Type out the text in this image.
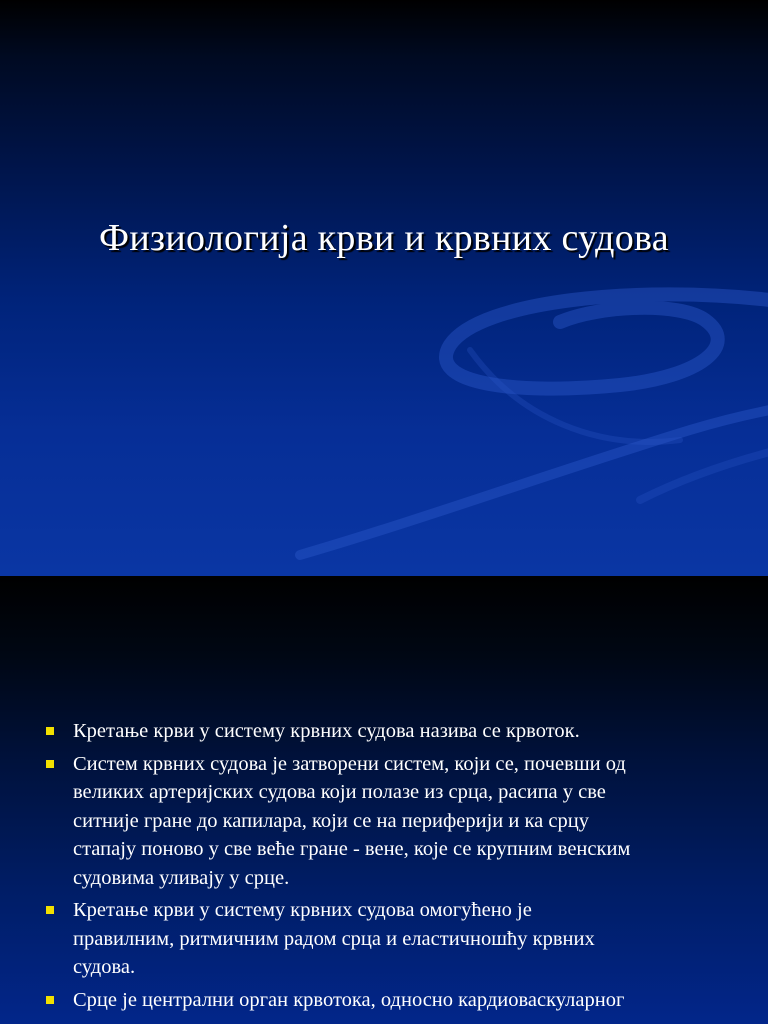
Физиологија крви и крвних судова
Кретање крви у систему крвних судова назива се крвоток.
Систем крвних судова је затворени систем, који се, почевши од
великих артеријских судова који полазе из срца, расипа у све
ситније гране до капилара, који се на периферији и ка срцу
стапају поново у све веће гране - вене, које се крупним венским
судовима уливају у срце.
Кретање крви у систему крвних судова омогућено је
правилним, ритмичним радом срца и еластичношћу крвних
судова.
Срце је централни орган крвотока, односно кардиоваскуларног
